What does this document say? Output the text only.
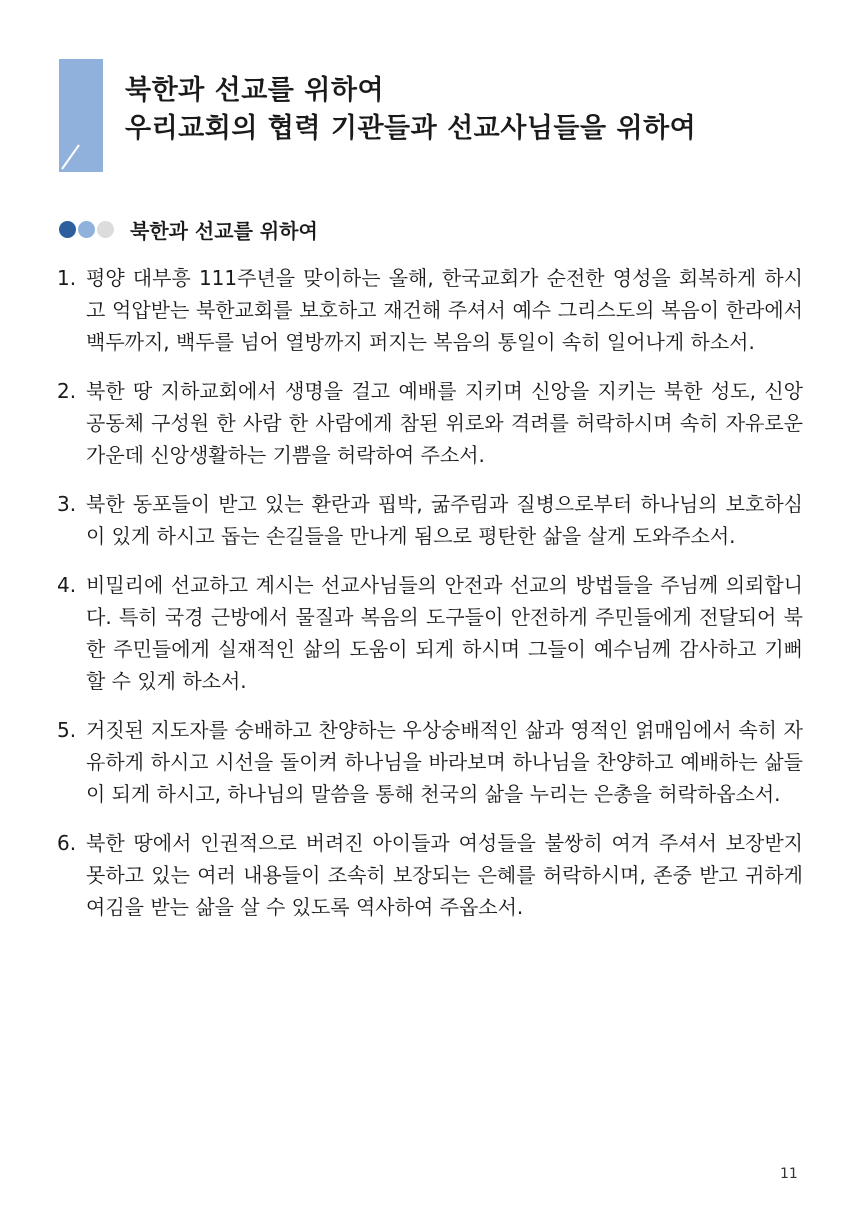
북한과 선교를 위하여
우리교회의 협력 기관들과 선교사님들을 위하여
북한과 선교를 위하여
1. 평양 대부흥 111주년을 맞이하는 올해, 한국교회가 순전한 영성을 회복하게 하시고 억압받는 북한교회를 보호하고 재건해 주셔서 예수 그리스도의 복음이 한라에서 백두까지, 백두를 넘어 열방까지 퍼지는 복음의 통일이 속히 일어나게 하소서.
2. 북한 땅 지하교회에서 생명을 걸고 예배를 지키며 신앙을 지키는 북한 성도, 신앙 공동체 구성원 한 사람 한 사람에게 참된 위로와 격려를 허락하시며 속히 자유로운 가운데 신앙생활하는 기쁨을 허락하여 주소서.
3. 북한 동포들이 받고 있는 환란과 핍박, 굶주림과 질병으로부터 하나님의 보호하심이 있게 하시고 돕는 손길들을 만나게 됨으로 평탄한 삶을 살게 도와주소서.
4. 비밀리에 선교하고 계시는 선교사님들의 안전과 선교의 방법들을 주님께 의뢰합니다. 특히 국경 근방에서 물질과 복음의 도구들이 안전하게 주민들에게 전달되어 북한 주민들에게 실재적인 삶의 도움이 되게 하시며 그들이 예수님께 감사하고 기뻐할 수 있게 하소서.
5. 거짓된 지도자를 숭배하고 찬양하는 우상숭배적인 삶과 영적인 얽매임에서 속히 자유하게 하시고 시선을 돌이켜 하나님을 바라보며 하나님을 찬양하고 예배하는 삶들이 되게 하시고, 하나님의 말씀을 통해 천국의 삶을 누리는 은총을 허락하옵소서.
6. 북한 땅에서 인권적으로 버려진 아이들과 여성들을 불쌍히 여겨 주셔서 보장받지 못하고 있는 여러 내용들이 조속히 보장되는 은혜를 허락하시며, 존중 받고 귀하게 여김을 받는 삶을 살 수 있도록 역사하여 주옵소서.
11
